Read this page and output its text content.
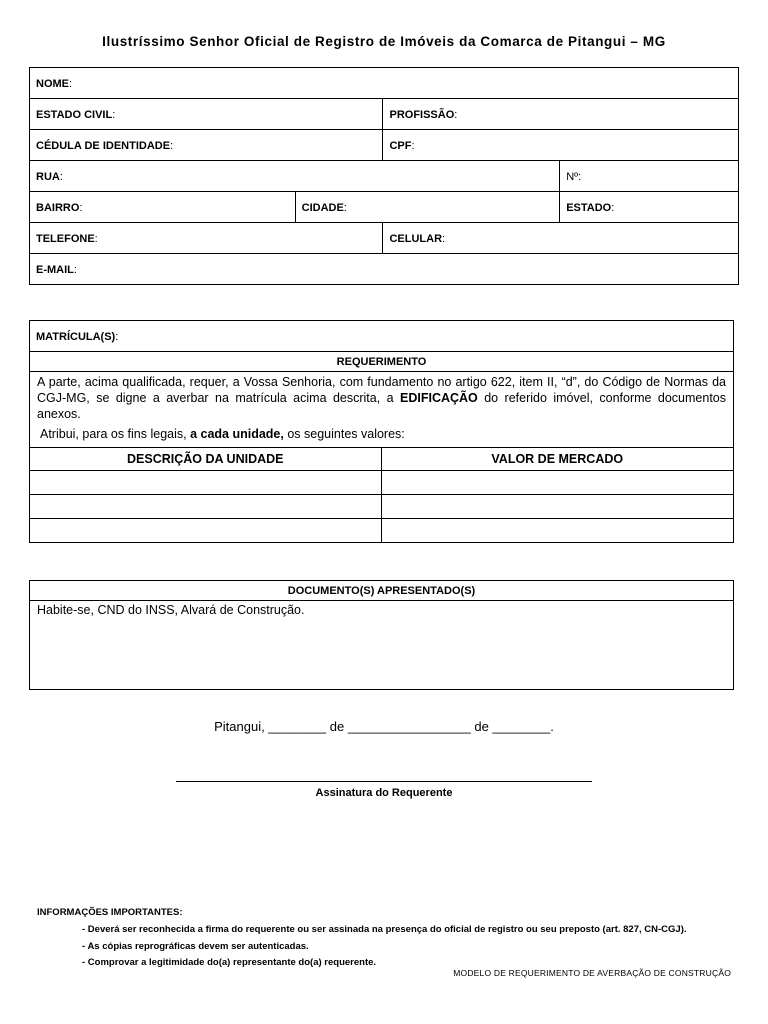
Ilustríssimo Senhor Oficial de Registro de Imóveis da Comarca de Pitangui – MG
NOME:			
ESTADO CIVIL:		PROFISSÃO:	
CÉDULA DE IDENTIDADE:		CPF:	
RUA:			Nº:
BAIRRO:	CIDADE:		ESTADO:
TELEFONE:		CELULAR:	
E-MAIL:			
MATRÍCULA(S):	
REQUERIMENTO	

A parte, acima qualificada, requer, a Vossa Senhoria, com fundamento no artigo 622, item II, “d”, do Código de Normas da CGJ-MG, se digne a averbar na matrícula acima descrita, a EDIFICAÇÃO do referido imóvel, conforme documentos anexos.

Atribui, para os fins legais, a cada unidade, os seguintes valores:	

DESCRIÇÃO DA UNIDADE	VALOR DE MERCADO

DOCUMENTO(S) APRESENTADO(S)
Habite-se, CND do INSS, Alvará de Construção.
Pitangui, ________ de _________________ de ________.
Assinatura do Requerente
INFORMAÇÕES IMPORTANTES:
- Deverá ser reconhecida a firma do requerente ou ser assinada na presença do oficial de registro ou seu preposto (art. 827, CN-CGJ).
- As cópias reprográficas devem ser autenticadas.
- Comprovar a legitimidade do(a) representante do(a) requerente.
MODELO DE REQUERIMENTO DE AVERBAÇÃO DE CONSTRUÇÃO
